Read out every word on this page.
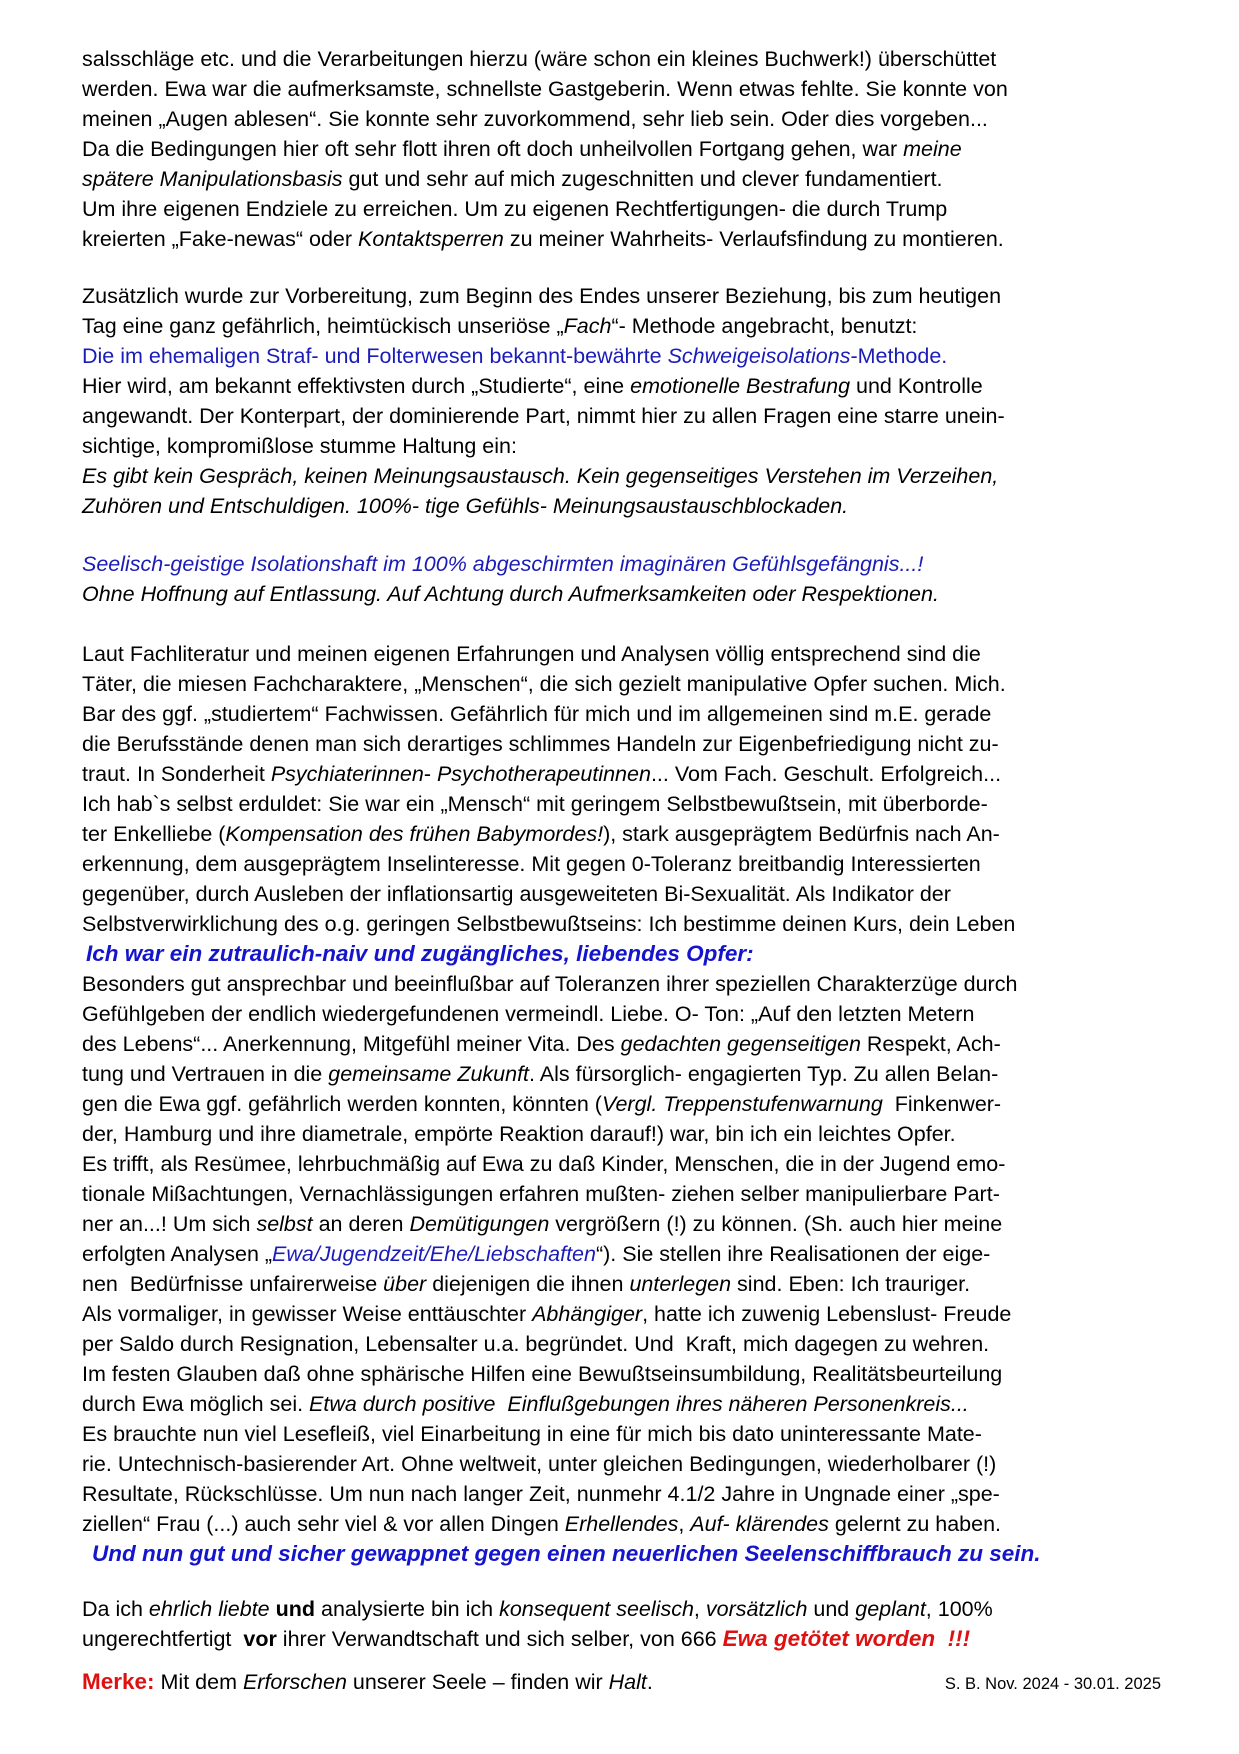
salsschläge etc. und die Verarbeitungen hierzu (wäre schon ein kleines Buchwerk!) überschüttet
werden. Ewa war die aufmerksamste, schnellste Gastgeberin. Wenn etwas fehlte. Sie konnte von
meinen „Augen ablesen“. Sie konnte sehr zuvorkommend, sehr lieb sein. Oder dies vorgeben...
Da die Bedingungen hier oft sehr flott ihren oft doch unheilvollen Fortgang gehen, war meine
spätere Manipulationsbasis gut und sehr auf mich zugeschnitten und clever fundamentiert.
Um ihre eigenen Endziele zu erreichen. Um zu eigenen Rechtfertigungen- die durch Trump
kreierten „Fake-newas“ oder Kontaktsperren zu meiner Wahrheits- Verlaufsfindung zu montieren.
Zusätzlich wurde zur Vorbereitung, zum Beginn des Endes unserer Beziehung, bis zum heutigen
Tag eine ganz gefährlich, heimtückisch unseriöse „Fach“- Methode angebracht, benutzt:
Die im ehemaligen Straf- und Folterwesen bekannt-bewährte Schweigeisolations-Methode.
Hier wird, am bekannt effektivsten durch „Studierte“, eine emotionelle Bestrafung und Kontrolle
angewandt. Der Konterpart, der dominierende Part, nimmt hier zu allen Fragen eine starre unein-
sichtige, kompromißlose stumme Haltung ein:
Es gibt kein Gespräch, keinen Meinungsaustausch. Kein gegenseitiges Verstehen im Verzeihen,
Zuhören und Entschuldigen. 100%- tige Gefühls- Meinungsaustauschblockaden.
Seelisch-geistige Isolationshaft im 100% abgeschirmten imaginären Gefühlsgefängnis...!
Ohne Hoffnung auf Entlassung. Auf Achtung durch Aufmerksamkeiten oder Respektionen.
Laut Fachliteratur und meinen eigenen Erfahrungen und Analysen völlig entsprechend sind die
Täter, die miesen Fachcharaktere, „Menschen“, die sich gezielt manipulative Opfer suchen. Mich.
Bar des ggf. „studiertem“ Fachwissen. Gefährlich für mich und im allgemeinen sind m.E. gerade
die Berufsstände denen man sich derartiges schlimmes Handeln zur Eigenbefriedigung nicht zu-
traut. In Sonderheit Psychiaterinnen- Psychotherapeutinnen... Vom Fach. Geschult. Erfolgreich...
Ich hab`s selbst erduldet: Sie war ein „Mensch“ mit geringem Selbstbewußtsein, mit überborde-
ter Enkelliebe (Kompensation des frühen Babymordes!), stark ausgeprägtem Bedürfnis nach An-
erkennung, dem ausgeprägtem Inselinteresse. Mit gegen 0-Toleranz breitbandig Interessierten
gegenüber, durch Ausleben der inflationsartig ausgeweiteten Bi-Sexualität. Als Indikator der
Selbstverwirklichung des o.g. geringen Selbstbewußtseins: Ich bestimme deinen Kurs, dein Leben
Ich war ein zutraulich-naiv und zugängliches, liebendes Opfer:
Besonders gut ansprechbar und beeinflußbar auf Toleranzen ihrer speziellen Charakterzüge durch
Gefühlgeben der endlich wiedergefundenen vermeindl. Liebe. O- Ton: „Auf den letzten Metern
des Lebens“... Anerkennung, Mitgefühl meiner Vita. Des gedachten gegenseitigen Respekt, Ach-
tung und Vertrauen in die gemeinsame Zukunft. Als fürsorglich- engagierten Typ. Zu allen Belan-
gen die Ewa ggf. gefährlich werden konnten, könnten (Vergl. Treppenstufenwarnung  Finkenwer-
der, Hamburg und ihre diametrale, empörte Reaktion darauf!) war, bin ich ein leichtes Opfer.
Es trifft, als Resümee, lehrbuchmäßig auf Ewa zu daß Kinder, Menschen, die in der Jugend emo-
tionale Mißachtungen, Vernachlässigungen erfahren mußten- ziehen selber manipulierbare Part-
ner an...! Um sich selbst an deren Demütigungen vergrößern (!) zu können. (Sh. auch hier meine
erfolgten Analysen „Ewa/Jugendzeit/Ehe/Liebschaften“). Sie stellen ihre Realisationen der eige-
nen  Bedürfnisse unfairerweise über diejenigen die ihnen unterlegen sind. Eben: Ich trauriger.
Als vormaliger, in gewisser Weise enttäuschter Abhängiger, hatte ich zuwenig Lebenslust- Freude
per Saldo durch Resignation, Lebensalter u.a. begründet. Und  Kraft, mich dagegen zu wehren.
Im festen Glauben daß ohne sphärische Hilfen eine Bewußtseinsumbildung, Realitätsbeurteilung
durch Ewa möglich sei. Etwa durch positive  Einflußgebungen ihres näheren Personenkreis...
Es brauchte nun viel Lesefleiß, viel Einarbeitung in eine für mich bis dato uninteressante Mate-
rie. Untechnisch-basierender Art. Ohne weltweit, unter gleichen Bedingungen, wiederholbarer (!)
Resultate, Rückschlüsse. Um nun nach langer Zeit, nunmehr 4.1/2 Jahre in Ungnade einer „spe-
ziellen“ Frau (...) auch sehr viel & vor allen Dingen Erhellendes, Auf- klärendes gelernt zu haben.
Und nun gut und sicher gewappnet gegen einen neuerlichen Seelenschiffbrauch zu sein.
Da ich ehrlich liebte und analysierte bin ich konsequent seelisch, vorsätzlich und geplant, 100%
ungerechtfertigt  vor ihrer Verwandtschaft und sich selber, von 666 Ewa getötet worden  !!!
Merke: Mit dem Erforschen unserer Seele – finden wir Halt.	S. B. Nov. 2024 - 30.01. 2025
